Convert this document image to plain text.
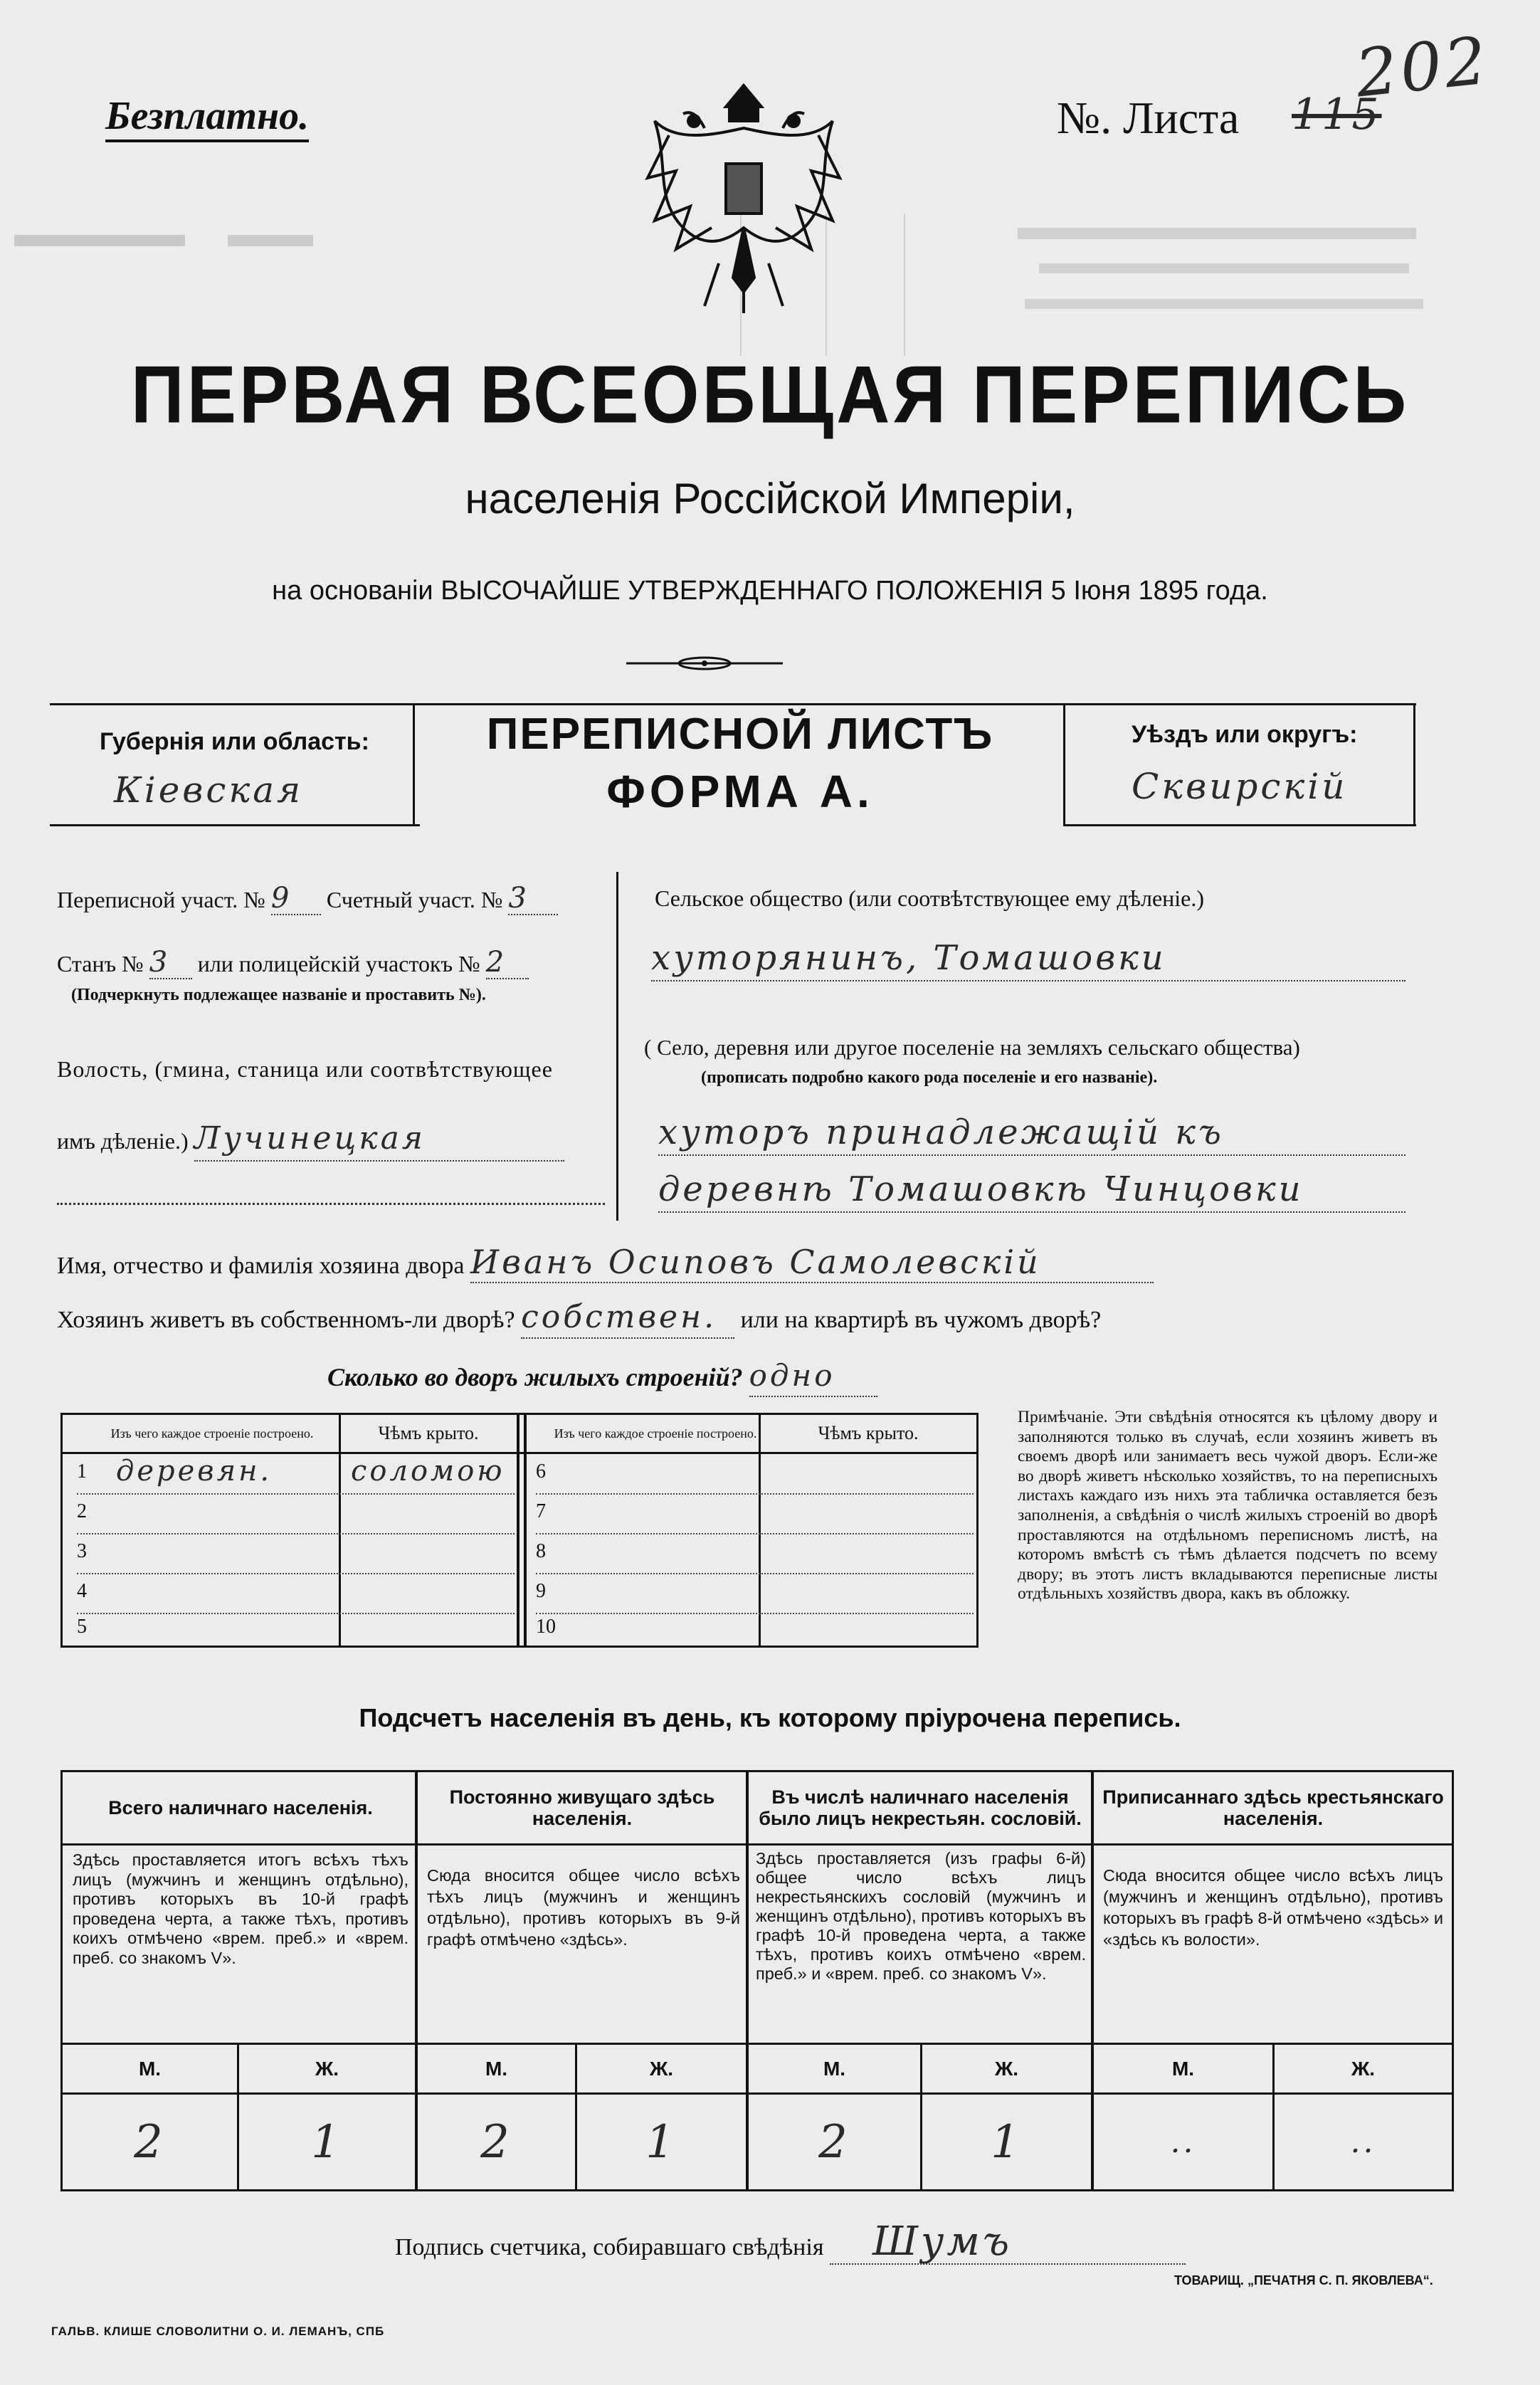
Безплатно.	№. Листа 115
202
ПЕРВАЯ ВСЕОБЩАЯ ПЕРЕПИСЬ
населенія Россійской Имперіи,
на основаніи ВЫСОЧАЙШЕ УТВЕРЖДЕННАГО ПОЛОЖЕНІЯ 5 Іюня 1895 года.
Губернія или область:
Кіевская
ПЕРЕПИСНОЙ ЛИСТЪ
ФОРМА А.
Уѣздъ или округъ:
Сквирскій
Переписной участ. № 9 Счетный участ. № 3
Станъ № 3 или полицейскій участокъ № 2
(Подчеркнуть подлежащее названіе и проставить №).
Волость, (гмина, станица или соотвѣтствующее
имъ дѣленіе.) Лучинецкая
Сельское общество (или соотвѣтствующее ему дѣленіе.)
хуторянинъ, Томашовки
( Село, деревня или другое поселеніе на земляхъ сельскаго общества)
(прописать подробно какого рода поселеніе и его названіе).
хуторъ принадлежащій къ
деревнѣ Томашовкѣ Чинцовки
Имя, отчество и фамилія хозяина двора Иванъ Осиповъ Самолевскій
Хозяинъ живетъ въ собственномъ-ли дворѣ? собствен. или на квартирѣ въ чужомъ дворѣ?
Сколько во дворъ жилыхъ строеній? одно
Изъ чего каждое строеніе построено.	Чѣмъ крыто.	Изъ чего каждое строеніе построено.	Чѣмъ крыто.
1 деревян.	соломою
2
3
4
5
6
7
8
9
10
Примѣчаніе. Эти свѣдѣнія относятся къ цѣлому двору и заполняются только въ случаѣ, если хозяинъ живетъ въ своемъ дворѣ или занимаетъ весь чужой дворъ. Если-же во дворѣ живетъ нѣсколько хозяйствъ, то на переписныхъ листахъ каждаго изъ нихъ эта табличка оставляется безъ заполненія, а свѣдѣнія о числѣ жилыхъ строеній во дворѣ проставляются на отдѣльномъ переписномъ листѣ, на которомъ вмѣстѣ съ тѣмъ дѣлается подсчетъ по всему двору; въ этотъ листъ вкладываются переписные листы отдѣльныхъ хозяйствъ двора, какъ въ обложку.
Подсчетъ населенія въ день, къ которому пріурочена перепись.
Всего наличнаго населенія.
Здѣсь проставляется итогъ всѣхъ тѣхъ лицъ (мужчинъ и женщинъ отдѣльно), противъ которыхъ въ 10-й графѣ проведена черта, а также тѣхъ, противъ коихъ отмѣчено «врем. преб.» и «врем. преб. со знакомъ V».
М.	Ж.
2	1
Постоянно живущаго здѣсь населенія.
Сюда вносится общее число всѣхъ тѣхъ лицъ (мужчинъ и женщинъ отдѣльно), противъ которыхъ въ 9-й графѣ отмѣчено «здѣсь».
М.	Ж.
2	1
Въ числѣ наличнаго населенія было лицъ некрестьян. сословій.
Здѣсь проставляется (изъ графы 6-й) общее число всѣхъ лицъ некрестьянскихъ сословій (мужчинъ и женщинъ отдѣльно), противъ которыхъ въ графѣ 10-й проведена черта, а также тѣхъ, противъ коихъ отмѣчено «врем. преб.» и «врем. преб. со знакомъ V».
М.	Ж.
2	1
Приписаннаго здѣсь крестьянскаго населенія.
Сюда вносится общее число всѣхъ лицъ (мужчинъ и женщинъ отдѣльно), противъ которыхъ въ графѣ 8-й отмѣчено «здѣсь» и «здѣсь къ волости».
М.	Ж.
..	..
Подпись счетчика, собиравшаго свѣдѣнія Шумъ
ГАЛЬВ. КЛИШЕ СЛОВОЛИТНИ О. И. ЛЕМАНЪ, СПБ
ТОВАРИЩ. „ПЕЧАТНЯ С. П. ЯКОВЛЕВА“.
